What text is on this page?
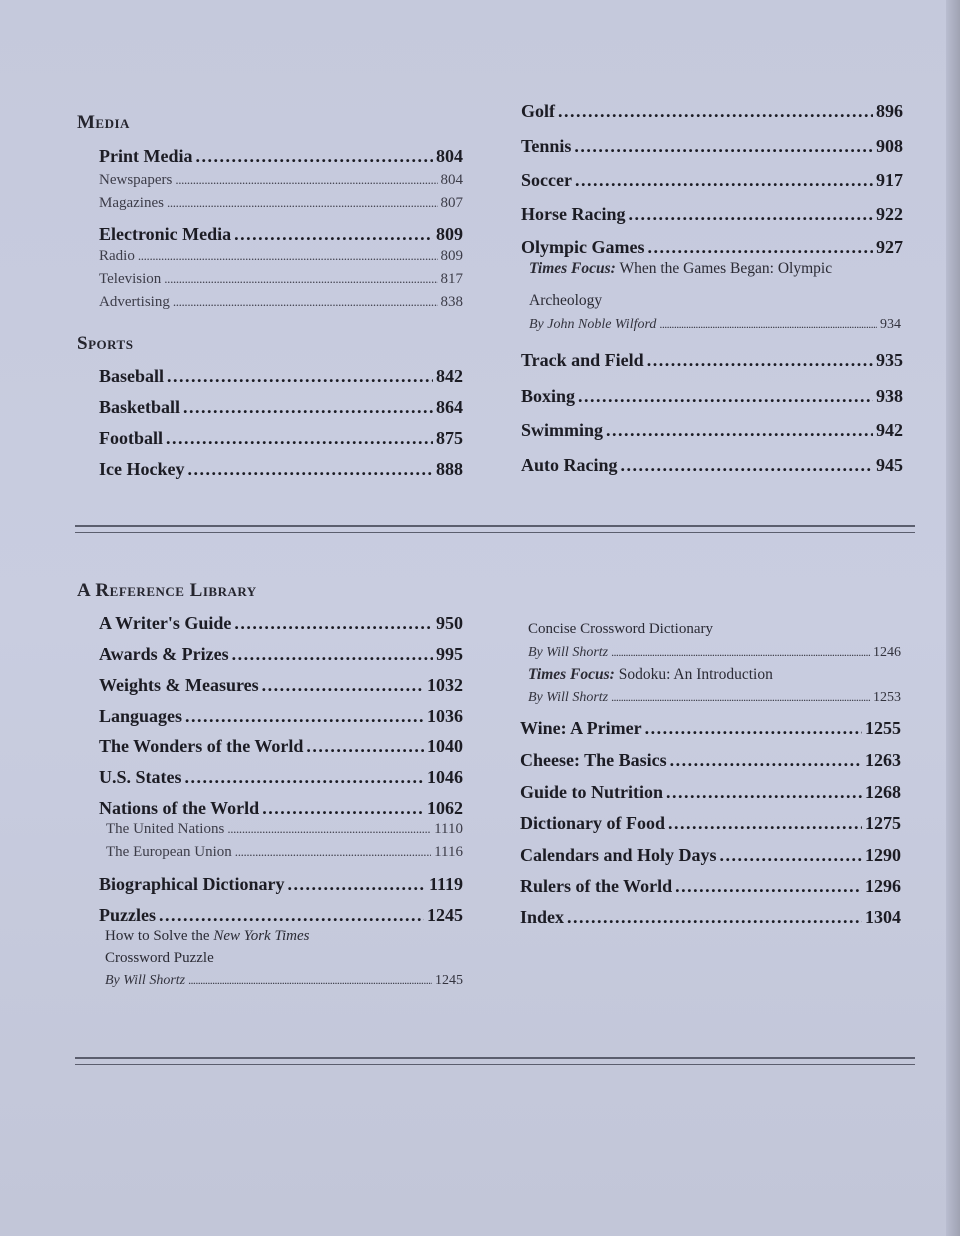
Media
Print Media . . .	804
Newspapers . . .	804
Magazines . . .	807
Electronic Media . . .	809
Radio . . .	809
Television . . .	817
Advertising . . .	838
Sports
Baseball . . .	842
Basketball . . .	864
Football . . .	875
Ice Hockey . . .	888
Golf . . .	896
Tennis . . .	908
Soccer . . .	917
Horse Racing . . .	922
Olympic Games . . .	927
Times Focus: When the Games Began: Olympic
Archeology
By John Noble Wilford . . .	934
Track and Field . . .	935
Boxing . . .	938
Swimming . . .	942
Auto Racing . . .	945
A Reference Library
A Writer's Guide . . .	950
Awards & Prizes . . .	995
Weights & Measures . . .	1032
Languages . . .	1036
The Wonders of the World . . .	1040
U.S. States . . .	1046
Nations of the World . . .	1062
The United Nations . . .	1110
The European Union . . .	1116
Biographical Dictionary . . .	1119
Puzzles . . .	1245
How to Solve the New York Times
Crossword Puzzle
By Will Shortz . . .	1245
Concise Crossword Dictionary
By Will Shortz . . .	1246
Times Focus: Sodoku: An Introduction
By Will Shortz . . .	1253
Wine: A Primer . . .	1255
Cheese: The Basics . . .	1263
Guide to Nutrition . . .	1268
Dictionary of Food . . .	1275
Calendars and Holy Days . . .	1290
Rulers of the World . . .	1296
Index . . .	1304
